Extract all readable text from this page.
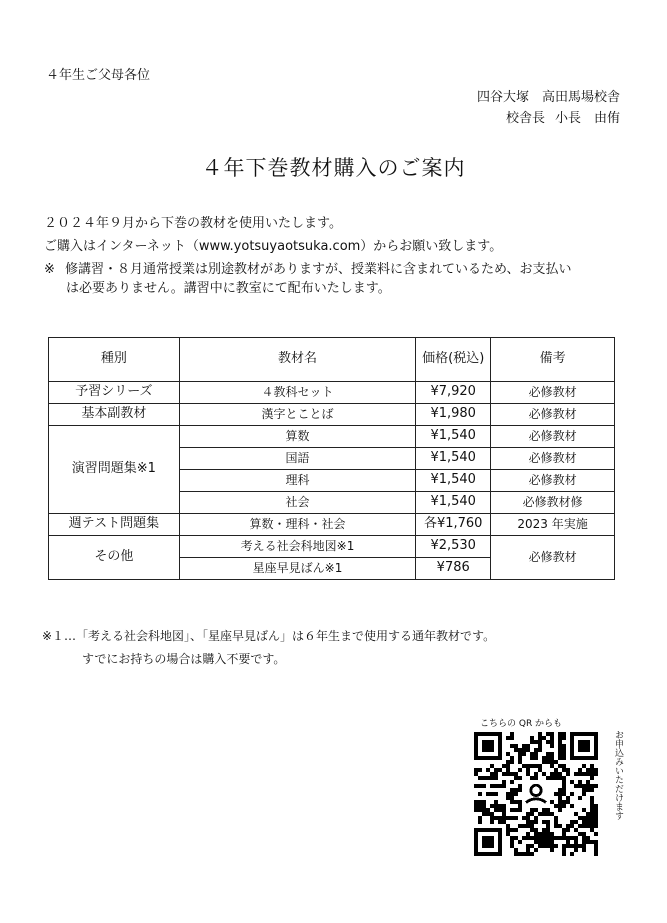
４年生ご父母各位
四谷大塚　高田馬場校舎
校舎長 小長　由侑
４年下巻教材購入のご案内
２０２４年９月から下巻の教材を使用いたします。
ご購入はインターネット（www.yotsuyaotsuka.com）からお願い致します。
※ 修講習・８月通常授業は別途教材がありますが、授業料に含まれているため、お支払い
は必要ありません。講習中に教室にて配布いたします。
種別	教材名	価格(税込)	備考
予習シリーズ	４教科セット	¥7,920	必修教材
基本副教材	漢字とことば	¥1,980	必修教材
演習問題集※1	算数	¥1,540	必修教材
	国語	¥1,540	必修教材
	理科	¥1,540	必修教材
	社会	¥1,540	必修教材修
週テスト問題集	算数・理科・社会	各¥1,760	2023 年実施
その他	考える社会科地図※1	¥2,530	必修教材
	星座早見ばん※1	¥786	
※１…「考える社会科地図」、「星座早見ばん」は６年生まで使用する通年教材です。
すでにお持ちの場合は購入不要です。
こちらの QR からも
お申込みいただけます
